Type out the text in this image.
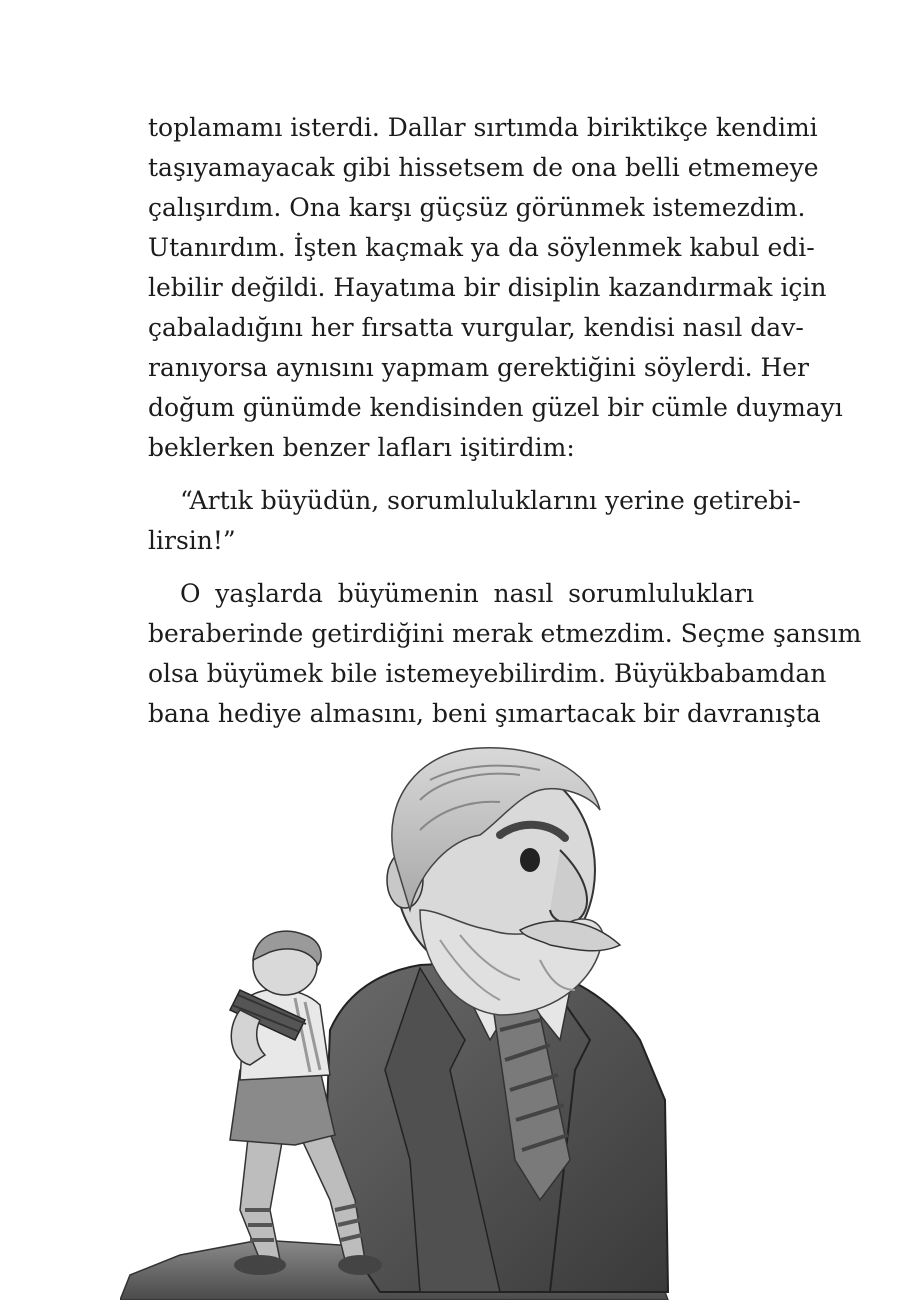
toplamamı isterdi. Dallar sırtımda biriktikçe kendimi
taşıyamayacak gibi hissetsem de ona belli etmemeye
çalışırdım. Ona karşı güçsüz görünmek istemezdim.
Utanırdım. İşten kaçmak ya da söylenmek kabul edi-
lebilir değildi. Hayatıma bir disiplin kazandırmak için
çabaladığını her fırsatta vurgular, kendisi nasıl dav-
ranıyorsa aynısını yapmam gerektiğini söylerdi. Her
doğum günümde kendisinden güzel bir cümle duymayı
beklerken benzer lafları işitirdim:
“Artık büyüdün, sorumluluklarını yerine getirebi-
lirsin!”
O yaşlarda büyümenin nasıl sorumlulukları
beraberinde getirdiğini merak etmezdim. Seçme şansım
olsa büyümek bile istemeyebilirdim. Büyükbabamdan
bana hediye almasını, beni şımartacak bir davranışta
